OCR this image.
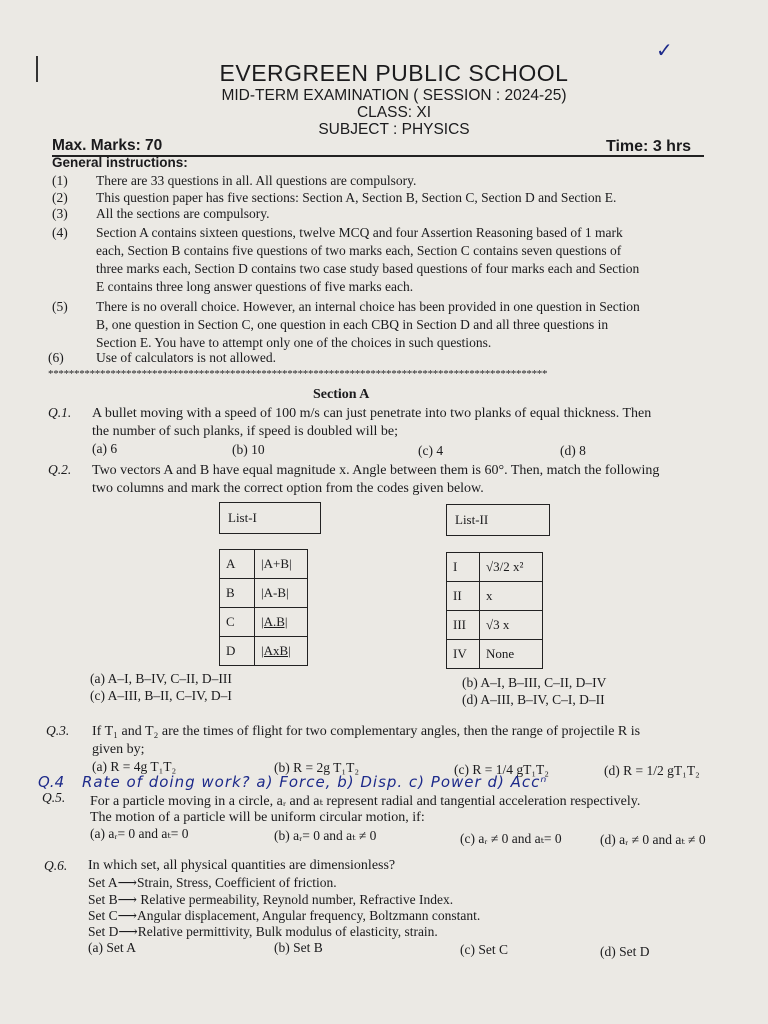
✓
EVERGREEN PUBLIC SCHOOL
MID-TERM EXAMINATION ( SESSION : 2024-25)
CLASS: XI
SUBJECT : PHYSICS
Max. Marks: 70	Time: 3 hrs
General instructions:
(1) There are 33 questions in all. All questions are compulsory.
(2) This question paper has five sections: Section A, Section B, Section C, Section D and Section E.
(3) All the sections are compulsory.
(4) Section A contains sixteen questions, twelve MCQ and four Assertion Reasoning based of 1 mark
each, Section B contains five questions of two marks each, Section C contains seven questions of
three marks each, Section D contains two case study based questions of four marks each and Section
E contains three long answer questions of five marks each.
(5) There is no overall choice. However, an internal choice has been provided in one question in Section
B, one question in Section C, one question in each CBQ in Section D and all three questions in
Section E. You have to attempt only one of the choices in such questions.
(6) Use of calculators is not allowed.
************************************************************************************************
Section A
Q.1. A bullet moving with a speed of 100 m/s can just penetrate into two planks of equal thickness. Then
the number of such planks, if speed is doubled will be;
(a) 6	(b) 10	(c) 4	(d) 8
Q.2. Two vectors A and B have equal magnitude x. Angle between them is 60°. Then, match the following
two columns and mark the correct option from the codes given below.
List-I	List-II
A	|A+B|
B	|A-B|
C	|A.B|
D	|AxB|
I	√3/2 x²
II	x
III	√3 x
IV	None
(a) A–I, B–IV, C–II, D–III	(b) A–I, B–III, C–II, D–IV
(c) A–III, B–II, C–IV, D–I	(d) A–III, B–IV, C–I, D–II
Q.3. If T₁ and T₂ are the times of flight for two complementary angles, then the range of projectile R is
given by;
(a) R = 4g T₁T₂	(b) R = 2g T₁T₂	(c) R = 1/4 gT₁T₂	(d) R = 1/2 gT₁T₂
Q.4 Rate of doing work? a) Force, b) Disp. c) Power d) Accⁿ
Q.5. For a particle moving in a circle, aᵣ and aₜ represent radial and tangential acceleration respectively.
The motion of a particle will be uniform circular motion, if:
(a) aᵣ= 0 and aₜ= 0	(b) aᵣ= 0 and aₜ ≠ 0	(c) aᵣ ≠ 0 and aₜ= 0	(d) aᵣ ≠ 0 and aₜ ≠ 0
Q.6. In which set, all physical quantities are dimensionless?
Set A⟶Strain, Stress, Coefficient of friction.
Set B⟶ Relative permeability, Reynold number, Refractive Index.
Set C⟶Angular displacement, Angular frequency, Boltzmann constant.
Set D⟶Relative permittivity, Bulk modulus of elasticity, strain.
(a) Set A	(b) Set B	(c) Set C	(d) Set D
